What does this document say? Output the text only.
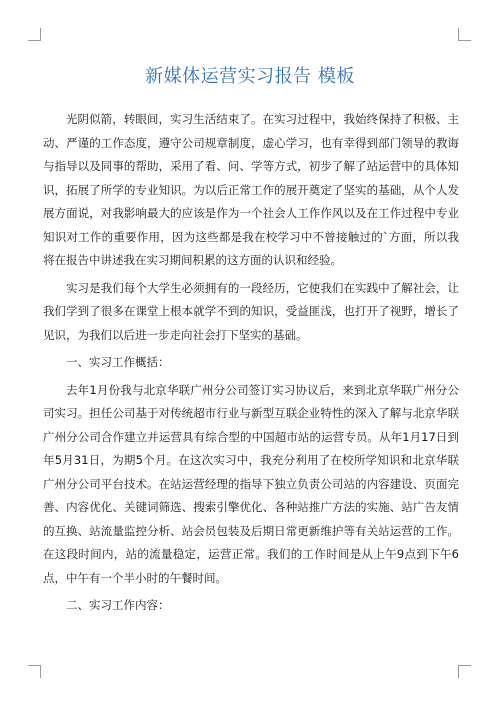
新媒体运营实习报告 模板

光阴似箭，转眼间，实习生活结束了。在实习过程中，我始终保持了积极、主动、严谨的工作态度，遵守公司规章制度，虚心学习，也有幸得到部门领导的教诲与指导以及同事的帮助，采用了看、问、学等方式，初步了解了站运营中的具体知识，拓展了所学的专业知识。为以后正常工作的展开奠定了坚实的基础，从个人发展方面说，对我影响最大的应该是作为一个社会人工作作风以及在工作过程中专业知识对工作的重要作用，因为这些都是我在校学习中不曾接触过的`方面，所以我将在报告中讲述我在实习期间积累的这方面的认识和经验。

实习是我们每个大学生必须拥有的一段经历，它使我们在实践中了解社会，让我们学到了很多在课堂上根本就学不到的知识，受益匪浅，也打开了视野，增长了见识，为我们以后进一步走向社会打下坚实的基础。

一、实习工作概括：

去年1月份我与北京华联广州分公司签订实习协议后，来到北京华联广州分公司实习。担任公司基于对传统超市行业与新型互联企业特性的深入了解与北京华联广州分公司合作建立并运营具有综合型的中国超市站的运营专员。从年1月17日到年5月31日，为期5个月。在这次实习中，我充分利用了在校所学知识和北京华联广州分公司平台技术。在站运营经理的指导下独立负责公司站的内容建设、页面完善、内容优化、关键词筛选、搜索引擎优化、各种站推广方法的实施、站广告友情的互换、站流量监控分析、站会员包装及后期日常更新维护等有关站运营的工作。在这段时间内，站的流量稳定，运营正常。我们的工作时间是从上午9点到下午6点，中午有一个半小时的午餐时间。

二、实习工作内容：
